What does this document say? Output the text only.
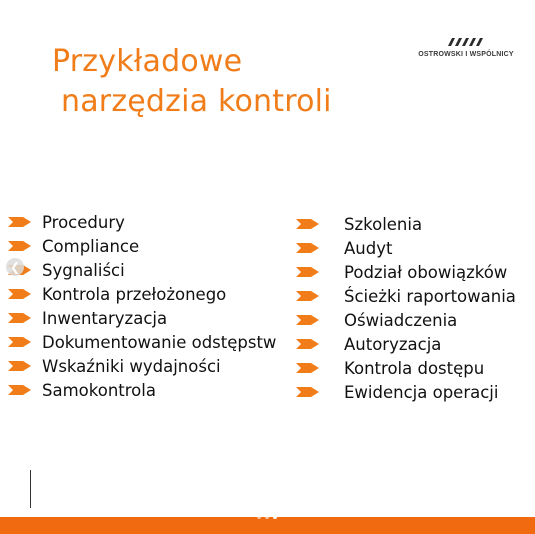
Przykładowe
narzędzia kontroli
OSTROWSKI I WSPÓLNICY
Procedury
Compliance
Sygnaliści
Kontrola przełożonego
Inwentaryzacja
Dokumentowanie odstępstw
Wskaźniki wydajności
Samokontrola
Szkolenia
Audyt
Podział obowiązków
Ścieżki raportowania
Oświadczenia
Autoryzacja
Kontrola dostępu
Ewidencja operacji
❮
